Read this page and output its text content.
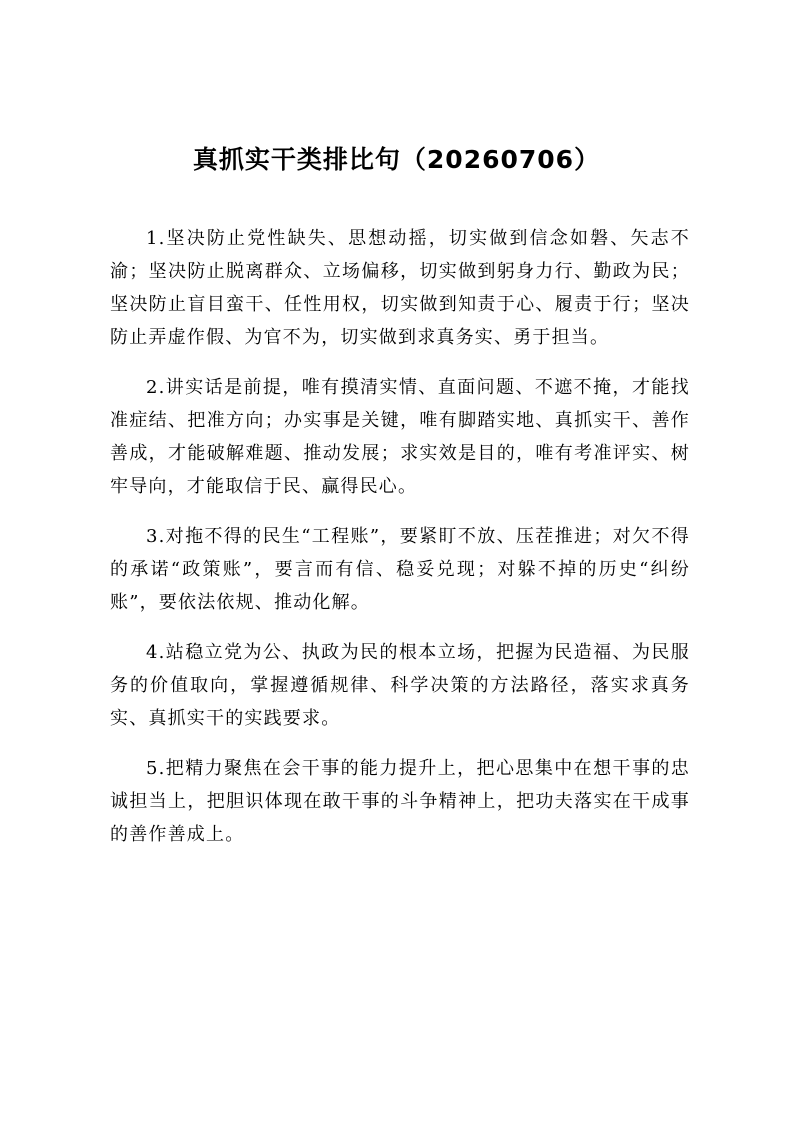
真抓实干类排比句（20260706）

1.坚决防止党性缺失、思想动摇，切实做到信念如磐、矢志不渝；坚决防止脱离群众、立场偏移，切实做到躬身力行、勤政为民；坚决防止盲目蛮干、任性用权，切实做到知责于心、履责于行；坚决防止弄虚作假、为官不为，切实做到求真务实、勇于担当。

2.讲实话是前提，唯有摸清实情、直面问题、不遮不掩，才能找准症结、把准方向；办实事是关键，唯有脚踏实地、真抓实干、善作善成，才能破解难题、推动发展；求实效是目的，唯有考准评实、树牢导向，才能取信于民、赢得民心。

3.对拖不得的民生“工程账”，要紧盯不放、压茬推进；对欠不得的承诺“政策账”，要言而有信、稳妥兑现；对躲不掉的历史“纠纷账”，要依法依规、推动化解。

4.站稳立党为公、执政为民的根本立场，把握为民造福、为民服务的价值取向，掌握遵循规律、科学决策的方法路径，落实求真务实、真抓实干的实践要求。

5.把精力聚焦在会干事的能力提升上，把心思集中在想干事的忠诚担当上，把胆识体现在敢干事的斗争精神上，把功夫落实在干成事的善作善成上。
